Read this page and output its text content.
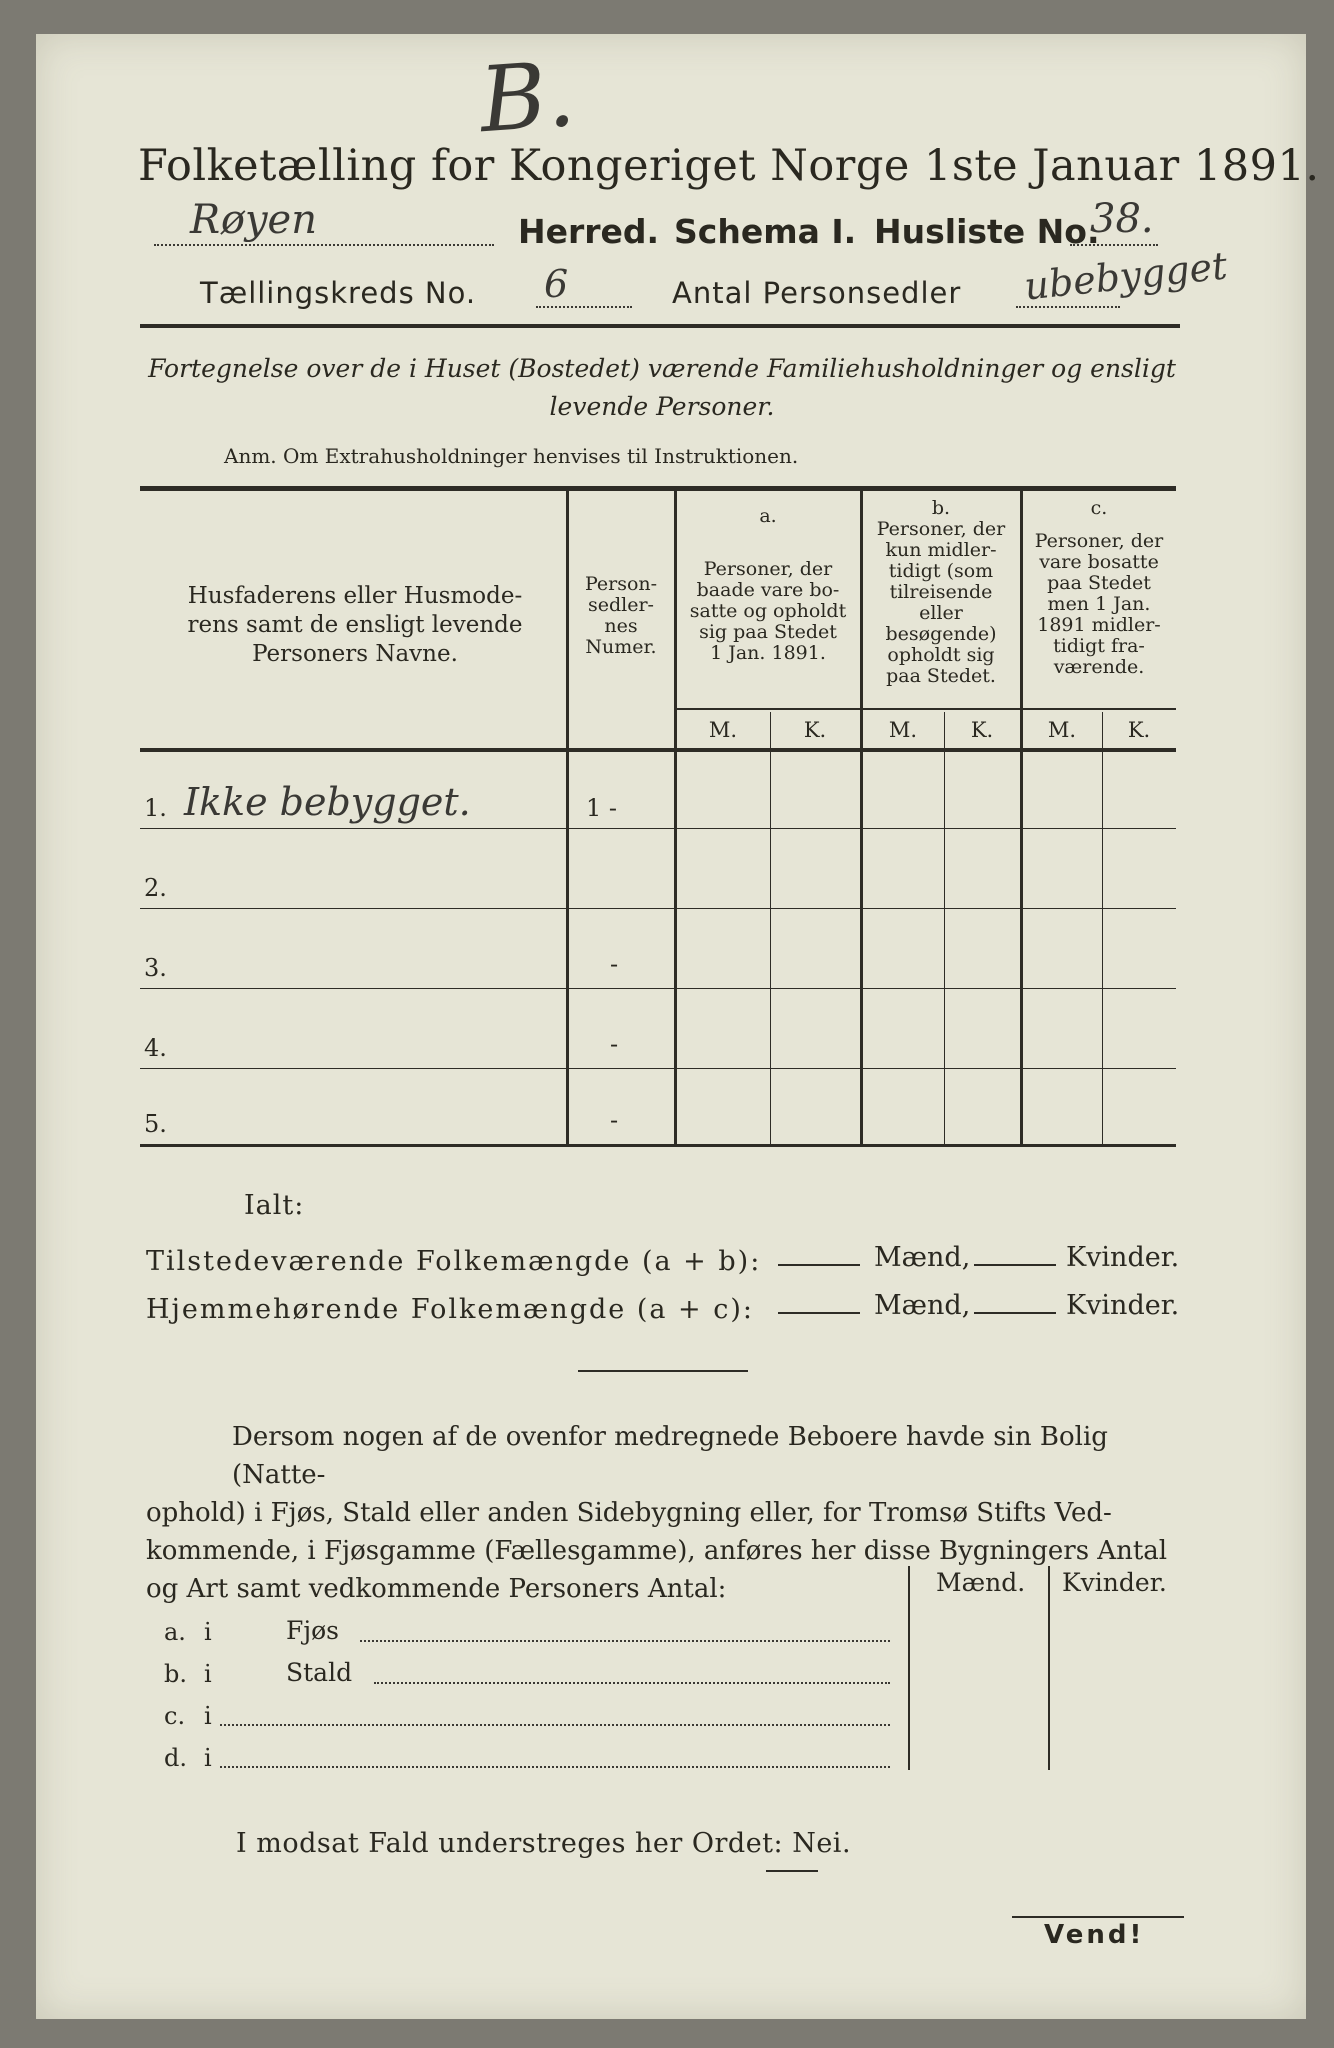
B.
Folketælling for Kongeriget Norge 1ste Januar 1891.
Røyen	Herred. Schema I. Husliste No.
38.
Tællingskreds No. 6	Antal Personsedler ubebygget
Fortegnelse over de i Huset (Bostedet) værende Familiehusholdninger og ensligt
levende Personer.
Anm. Om Extrahusholdninger henvises til Instruktionen.
Husfaderens eller Husmode-
rens samt de ensligt levende
Personers Navne.
Person-
sedler-
nes
Numer.
a.
Personer, der
baade vare bo-
satte og opholdt
sig paa Stedet
1 Jan. 1891.
b.
Personer, der
kun midler-
tidigt (som
tilreisende
eller
besøgende)
opholdt sig
paa Stedet.
c.
Personer, der
vare bosatte
paa Stedet
men 1 Jan.
1891 midler-
tidigt fra-
værende.
M.	K.	M.	K.	M.	K.
1. Ikke bebygget.	1 -
2.
3.	-
4.	-
5.	-
Ialt:
Tilstedeværende Folkemængde (a + b):	Mænd,	Kvinder.
Hjemmehørende Folkemængde (a + c):	Mænd,	Kvinder.
Dersom nogen af de ovenfor medregnede Beboere havde sin Bolig (Natte-
ophold) i Fjøs, Stald eller anden Sidebygning eller, for Tromsø Stifts Ved-
kommende, i Fjøsgamme (Fællesgamme), anføres her disse Bygningers Antal
og Art samt vedkommende Personers Antal:	Mænd. Kvinder.
a. i	Fjøs
b. i	Stald
c. i
d. i
I modsat Fald understreges her Ordet: Nei.
Vend!
